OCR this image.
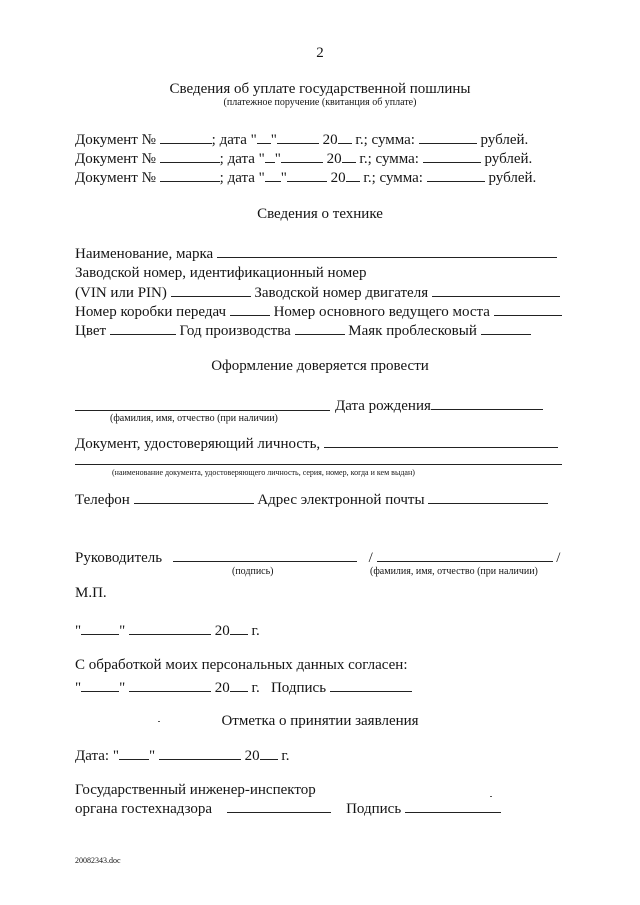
2
Сведения об уплате государственной пошлины
(платежное поручение (квитанция об уплате)
Документ №	; дата " "	20 г.; сумма:	рублей.
Документ №	; дата " "	20 г.; сумма:	рублей.
Документ №	; дата " "	20 г.; сумма:	рублей.
Сведения о технике
Наименование, марка
Заводской номер, идентификационный номер
(VIN или PIN)	Заводской номер двигателя
Номер коробки передач	Номер основного ведущего моста
Цвет	Год производства	Маяк проблесковый
Оформление доверяется провести
Дата рождения
(фамилия, имя, отчество (при наличии)
Документ, удостоверяющий личность,
(наименование документа, удостоверяющего личность, серия, номер, когда и кем выдан)
Телефон	Адрес электронной почты
Руководитель	/	/
(подпись)	(фамилия, имя, отчество (при наличии)
М.П.
"	"	20 г.
С обработкой моих персональных данных согласен:
"	"	20 г. Подпись
Отметка о принятии заявления
Дата: " "	20 г.
Государственный инженер-инспектор
органа гостехнадзора	Подпись
20082343.doc
